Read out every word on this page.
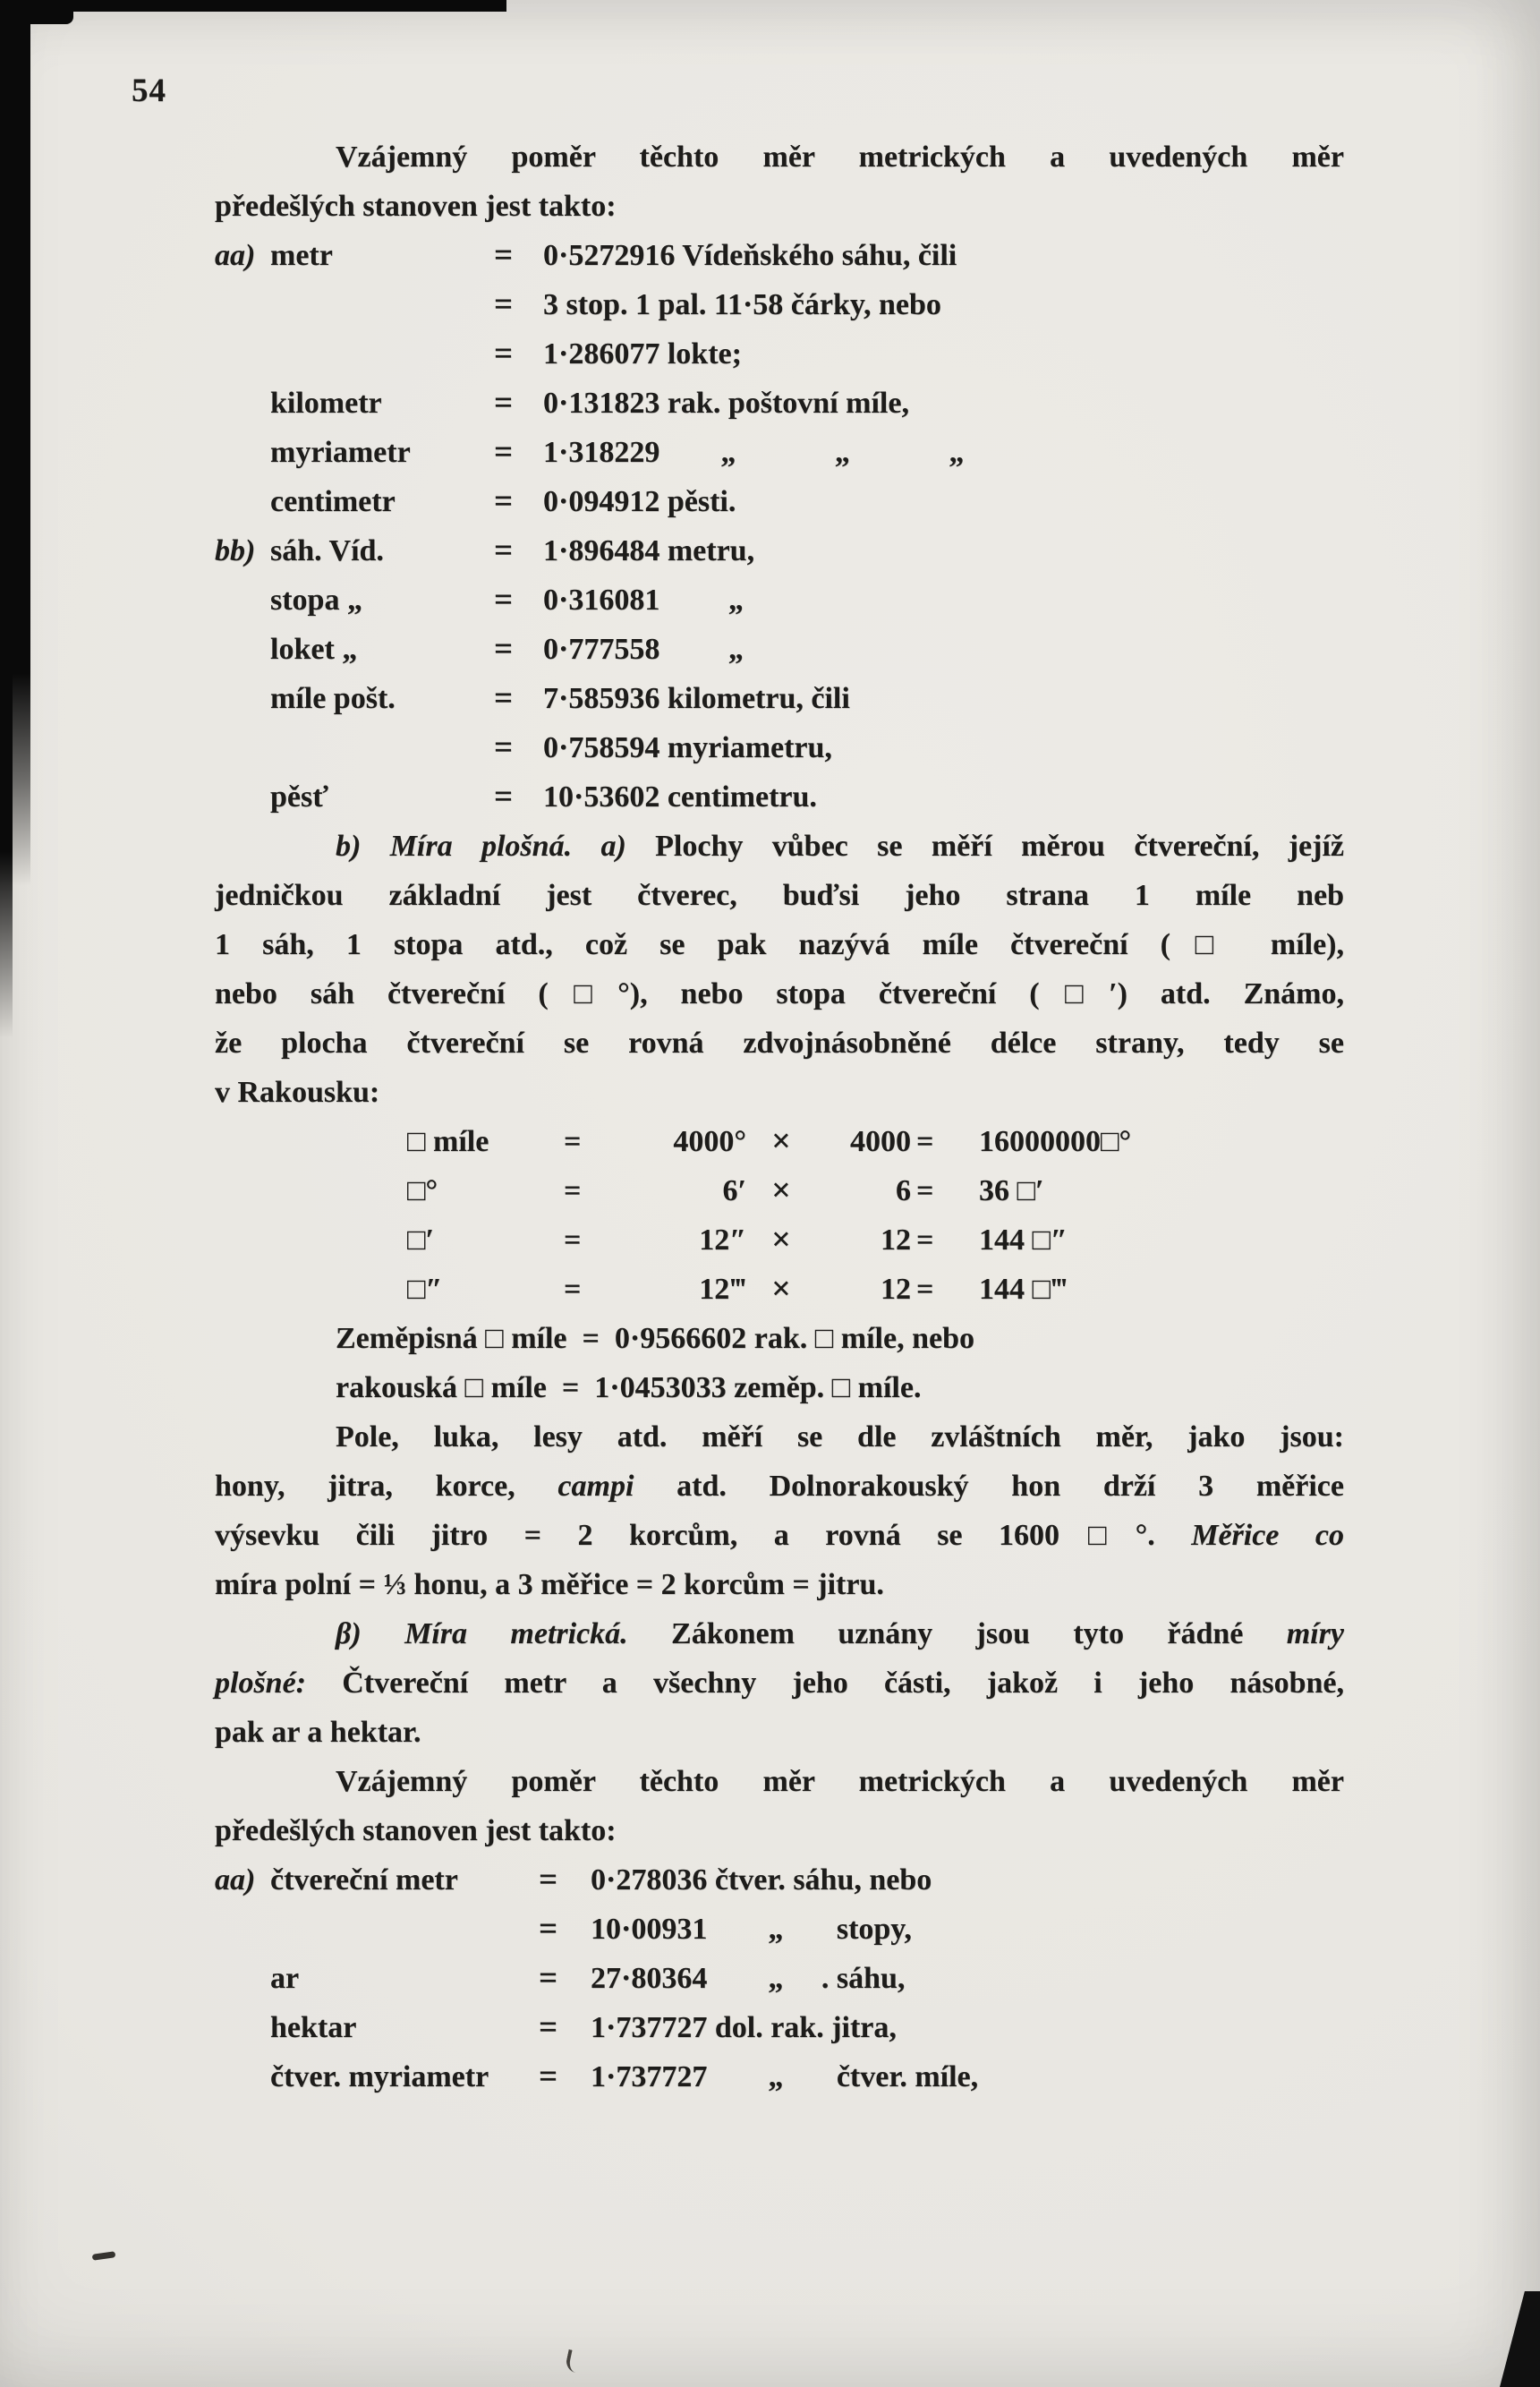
54
Vzájemný poměr těchto měr metrických a uvedených měr
předešlých stanoven jest takto:
aa) metr	= 0·5272916 Vídeňského sáhu, čili
= 3 stop. 1 pal. 11·58 čárky, nebo
= 1·286077 lokte;
kilometr	= 0·131823 rak. poštovní míle,
myriametr	= 1·318229        „             „             „
centimetr	= 0·094912 pěsti.
bb) sáh. Víd.	= 1·896484 metru,
stopa „	= 0·316081         „
loket „	= 0·777558         „
míle pošt.	= 7·585936 kilometru, čili
= 0·758594 myriametru,
pěsť	= 10·53602 centimetru.
b) Míra plošná. a) Plochy vůbec se měří měrou čtvereční, jejíž
jedničkou základní jest čtverec, buďsi jeho strana 1 míle neb
1 sáh, 1 stopa atd., což se pak nazývá míle čtvereční (□ míle),
nebo sáh čtvereční (□°), nebo stopa čtvereční (□′) atd. Známo,
že plocha čtvereční se rovná zdvojnásobněné délce strany, tedy se
v Rakousku:
□ míle	=	4000° ×	4000 =	16000000□°
□°	=	6′ ×	6 =	36 □′
□′	=	12″ ×	12 =	144 □″
□″	=	12‴ ×	12 =	144 □‴
Zeměpisná □ míle  =  0·9566602 rak. □ míle, nebo
rakouská □ míle  =  1·0453033 zeměp. □ míle.
Pole, luka, lesy atd. měří se dle zvláštních měr, jako jsou:
hony, jitra, korce, campi atd. Dolnorakouský hon drží 3 měřice
výsevku čili jitro = 2 korcům, a rovná se 1600□°. Měřice co
míra polní = ⅓ honu, a 3 měřice = 2 korcům = jitru.
β) Míra metrická. Zákonem uznány jsou tyto řádné míry
plošné: Čtvereční metr a všechny jeho části, jakož i jeho násobné,
pak ar a hektar.
Vzájemný poměr těchto měr metrických a uvedených měr
předešlých stanoven jest takto:
aa) čtvereční metr	=	0·278036 čtver. sáhu, nebo
=	10·00931        „       stopy,
ar	=	27·80364        „     . sáhu,
hektar	=	1·737727 dol. rak. jitra,
čtver. myriametr	=	1·737727        „       čtver. míle,
